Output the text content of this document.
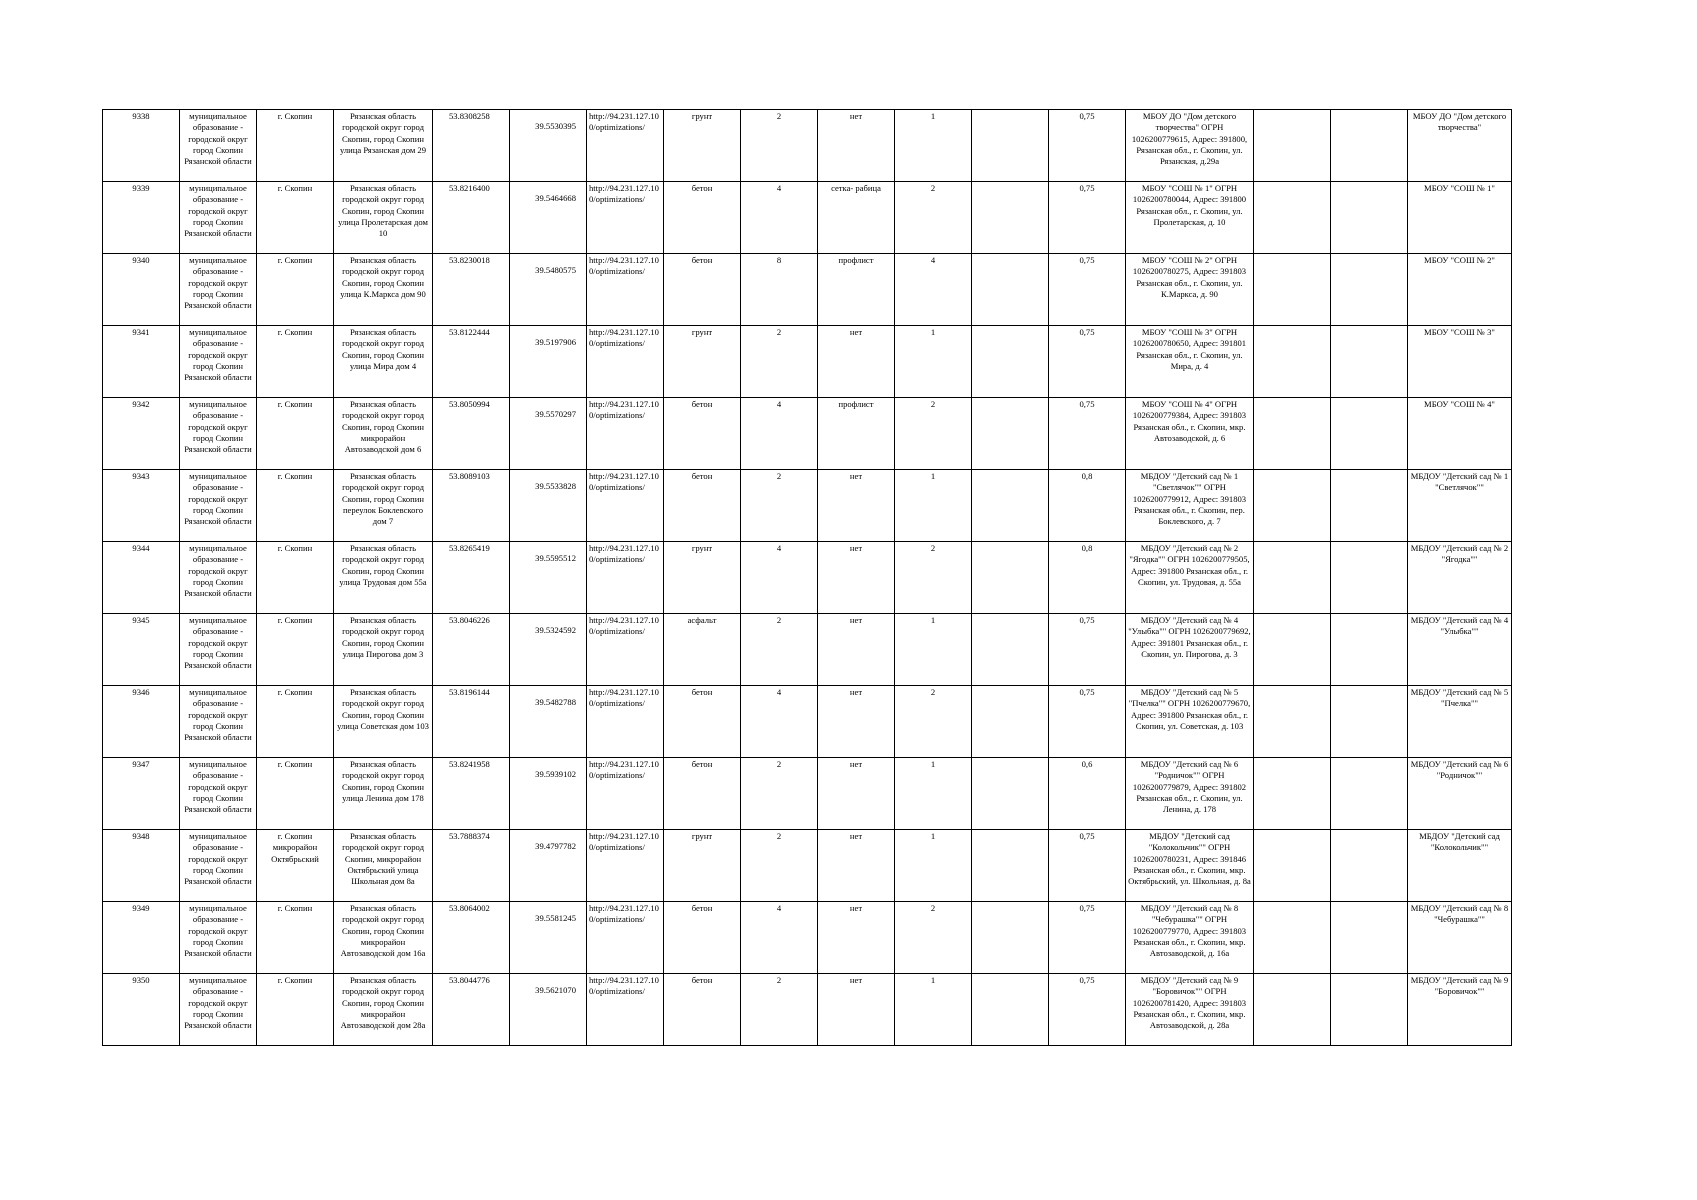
9338	муниципальное образование - городской округ город Скопин Рязанской области	г. Скопин	Рязанская область городской округ город Скопин, город Скопин улица Рязанская дом 29	53.8308258	39.5530395	http://94.231.127.100/optimizations/	грунт	2	нет	1		0,75	МБОУ ДО "Дом детского творчества" ОГРН 1026200779615, Адрес: 391800, Рязанская обл., г. Скопин, ул. Рязанская, д.29а			МБОУ ДО "Дом детского творчества"
9339	муниципальное образование - городской округ город Скопин Рязанской области	г. Скопин	Рязанская область городской округ город Скопин, город Скопин улица Пролетарская дом 10	53.8216400	39.5464668	http://94.231.127.100/optimizations/	бетон	4	сетка- рабица	2		0,75	МБОУ "СОШ № 1" ОГРН 1026200780044, Адрес: 391800 Рязанская обл., г. Скопин, ул. Пролетарская, д. 10			МБОУ "СОШ № 1"
9340	муниципальное образование - городской округ город Скопин Рязанской области	г. Скопин	Рязанская область городской округ город Скопин, город Скопин улица К.Маркса дом 90	53.8230018	39.5480575	http://94.231.127.100/optimizations/	бетон	8	профлист	4		0,75	МБОУ "СОШ № 2" ОГРН 1026200780275, Адрес: 391803 Рязанская обл., г. Скопин, ул. К.Маркса, д. 90			МБОУ "СОШ № 2"
9341	муниципальное образование - городской округ город Скопин Рязанской области	г. Скопин	Рязанская область городской округ город Скопин, город Скопин улица Мира дом 4	53.8122444	39.5197906	http://94.231.127.100/optimizations/	грунт	2	нет	1		0,75	МБОУ "СОШ № 3" ОГРН 1026200780650, Адрес: 391801 Рязанская обл., г. Скопин, ул. Мира, д. 4			МБОУ "СОШ № 3"
9342	муниципальное образование - городской округ город Скопин Рязанской области	г. Скопин	Рязанская область городской округ город Скопин, город Скопин микрорайон Автозаводской дом 6	53.8050994	39.5570297	http://94.231.127.100/optimizations/	бетон	4	профлист	2		0,75	МБОУ "СОШ № 4" ОГРН 1026200779384, Адрес: 391803 Рязанская обл., г. Скопин, мкр. Автозаводской, д. 6			МБОУ "СОШ № 4"
9343	муниципальное образование - городской округ город Скопин Рязанской области	г. Скопин	Рязанская область городской округ город Скопин, город Скопин переулок Боклевского дом 7	53.8089103	39.5533828	http://94.231.127.100/optimizations/	бетон	2	нет	1		0,8	МБДОУ "Детский сад № 1 "Светлячок"" ОГРН 1026200779912, Адрес: 391803 Рязанская обл., г. Скопин, пер. Боклевского, д. 7			МБДОУ "Детский сад № 1 "Светлячок""
9344	муниципальное образование - городской округ город Скопин Рязанской области	г. Скопин	Рязанская область городской округ город Скопин, город Скопин улица Трудовая дом 55а	53.8265419	39.5595512	http://94.231.127.100/optimizations/	грунт	4	нет	2		0,8	МБДОУ "Детский сад № 2 "Ягодка"" ОГРН 1026200779505, Адрес: 391800 Рязанская обл., г. Скопин, ул. Трудовая, д. 55а			МБДОУ "Детский сад № 2 "Ягодка""
9345	муниципальное образование - городской округ город Скопин Рязанской области	г. Скопин	Рязанская область городской округ город Скопин, город Скопин улица Пирогова дом 3	53.8046226	39.5324592	http://94.231.127.100/optimizations/	асфальт	2	нет	1		0,75	МБДОУ "Детский сад № 4 "Улыбка"" ОГРН 1026200779692, Адрес: 391801 Рязанская обл., г. Скопин, ул. Пирогова, д. 3			МБДОУ "Детский сад № 4 "Улыбка""
9346	муниципальное образование - городской округ город Скопин Рязанской области	г. Скопин	Рязанская область городской округ город Скопин, город Скопин улица Советская дом 103	53.8196144	39.5482788	http://94.231.127.100/optimizations/	бетон	4	нет	2		0,75	МБДОУ "Детский сад № 5 "Пчелка"" ОГРН 1026200779670, Адрес: 391800 Рязанская обл., г. Скопин, ул. Советская, д. 103			МБДОУ "Детский сад № 5 "Пчелка""
9347	муниципальное образование - городской округ город Скопин Рязанской области	г. Скопин	Рязанская область городской округ город Скопин, город Скопин улица Ленина дом 178	53.8241958	39.5939102	http://94.231.127.100/optimizations/	бетон	2	нет	1		0,6	МБДОУ "Детский сад № 6 "Родничок"" ОГРН 1026200779879, Адрес: 391802 Рязанская обл., г. Скопин, ул. Ленина, д. 178			МБДОУ "Детский сад № 6 "Родничок""
9348	муниципальное образование - городской округ город Скопин Рязанской области	г. Скопин микрорайон Октябрьский	Рязанская область городской округ город Скопин, микрорайон Октябрьский улица Школьная дом 8а	53.7888374	39.4797782	http://94.231.127.100/optimizations/	грунт	2	нет	1		0,75	МБДОУ "Детский сад "Колокольчик"" ОГРН 1026200780231, Адрес: 391846 Рязанская обл., г. Скопин, мкр. Октябрьский, ул. Школьная, д. 8а			МБДОУ "Детский сад "Колокольчик""
9349	муниципальное образование - городской округ город Скопин Рязанской области	г. Скопин	Рязанская область городской округ город Скопин, город Скопин микрорайон Автозаводской дом 16а	53.8064002	39.5581245	http://94.231.127.100/optimizations/	бетон	4	нет	2		0,75	МБДОУ "Детский сад № 8 "Чебурашка"" ОГРН 1026200779770, Адрес: 391803 Рязанская обл., г. Скопин, мкр. Автозаводской, д. 16а			МБДОУ "Детский сад № 8 "Чебурашка""
9350	муниципальное образование - городской округ город Скопин Рязанской области	г. Скопин	Рязанская область городской округ город Скопин, город Скопин микрорайон Автозаводской дом 28а	53.8044776	39.5621070	http://94.231.127.100/optimizations/	бетон	2	нет	1		0,75	МБДОУ "Детский сад № 9 "Боровичок"" ОГРН 1026200781420, Адрес: 391803 Рязанская обл., г. Скопин, мкр. Автозаводской, д. 28а			МБДОУ "Детский сад № 9 "Боровичок""
